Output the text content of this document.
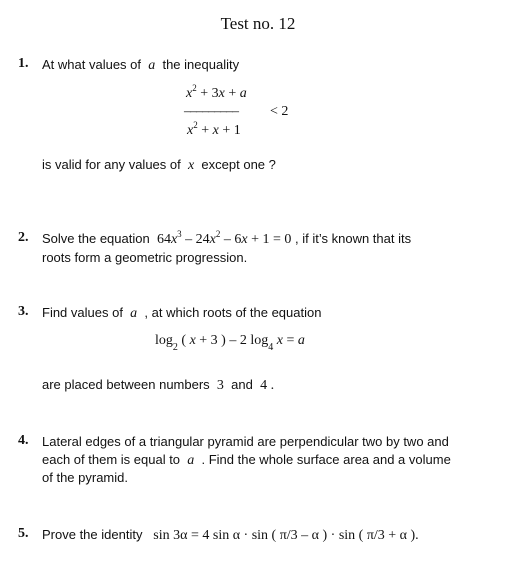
Test no. 12
1. At what values of a the inequality
$x^2 + 3x + a$
––––––––– < 2
$x^2 + x + 1$
is valid for any values of x except one ?
2. Solve the equation $64x^3 - 24x^2 - 6x + 1 = 0$ , if it’s known that its
roots form a geometric progression.
3. Find values of a , at which roots of the equation
$\log_2$ ( x + 3 ) – 2 $\log_4 x = a$
are placed between numbers 3 and 4 .
4. Lateral edges of a triangular pyramid are perpendicular two by two and
each of them is equal to a . Find the whole surface area and a volume
of the pyramid.
5. Prove the identity sin 3α = 4 sin α · sin ( π/3 – α ) · sin ( π/3 + α ).
